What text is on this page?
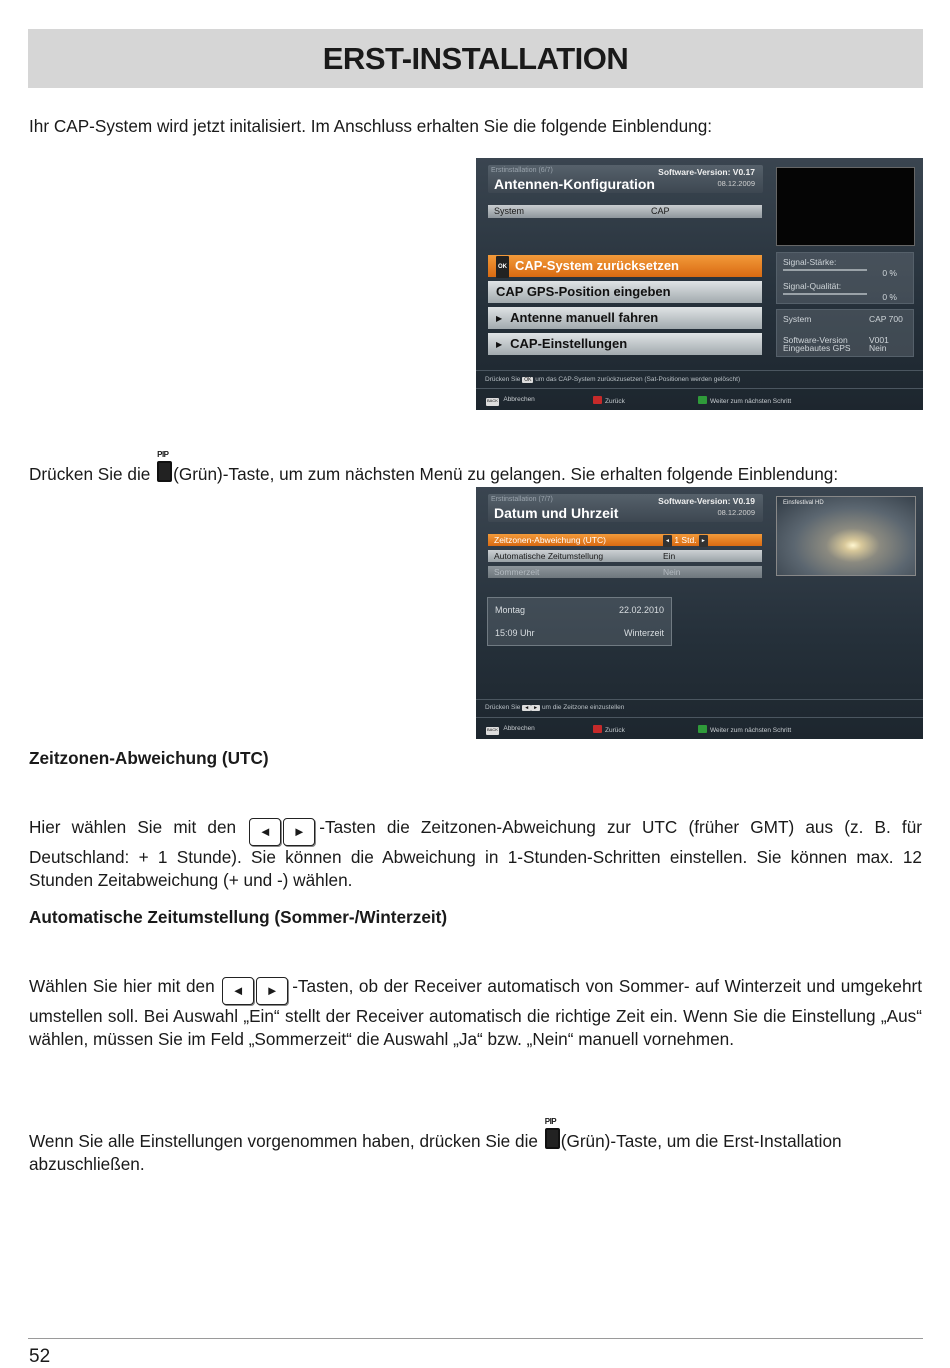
ERST-INSTALLATION

Ihr CAP-System wird jetzt initalisiert. Im Anschluss erhalten Sie die folgende Einblendung:

Erstinstallation (6/7)	Software-Version: V0.17
08.12.2009
Antennen-Konfiguration
System	CAP
OK CAP-System zurücksetzen
CAP GPS-Position eingeben
▶ Antenne manuell fahren
▶ CAP-Einstellungen
Signal-Stärke:
0 %
Signal-Qualität:
0 %
System	CAP 700
Software-Version	V001
Eingebautes GPS Nein
Drücken Sie OK um das CAP-System zurückzusetzen (Sat-Positionen werden gelöscht)
BACK Abbrechen	Zurück	Weiter zum nächsten Schritt

Drücken Sie die
PIP
(Grün)-Taste, um zum nächsten Menü zu gelangen. Sie erhalten folgende Einblendung:

Erstinstallation (7/7)	Software-Version: V0.19
08.12.2009
Datum und Uhrzeit
Einsfestival HD
Zeitzonen-Abweichung (UTC)	◄ 1 Std. ►
Automatische Zeitumstellung	Ein
Sommerzeit	Nein
Montag	22.02.2010
15:09 Uhr	Winterzeit
Drücken Sie ◄ ► um die Zeitzone einzustellen
BACK Abbrechen	Zurück	Weiter zum nächsten Schritt
Zeitzonen-Abweichung (UTC)

Hier wählen Sie mit den ◄ ► -Tasten die Zeitzonen-Abweichung zur UTC (früher GMT) aus (z. B. für Deutschland: + 1 Stunde). Sie können die Abweichung in 1-Stunden-Schritten einstellen. Sie können max. 12 Stunden Zeitabweichung (+ und -) wählen.

Automatische Zeitumstellung (Sommer-/Winterzeit)

Wählen Sie hier mit den ◄ ► -Tasten, ob der Receiver automatisch von Sommer- auf Winterzeit und umgekehrt umstellen soll. Bei Auswahl „Ein“ stellt der Receiver automatisch die richtige Zeit ein. Wenn Sie die Einstellung „Aus“ wählen, müssen Sie im Feld „Sommerzeit“ die Auswahl „Ja“ bzw. „Nein“ manuell vornehmen.

Wenn Sie alle Einstellungen vorgenommen haben, drücken Sie die
PIP
(Grün)-Taste, um die Erst-Installation abzuschließen.

52
